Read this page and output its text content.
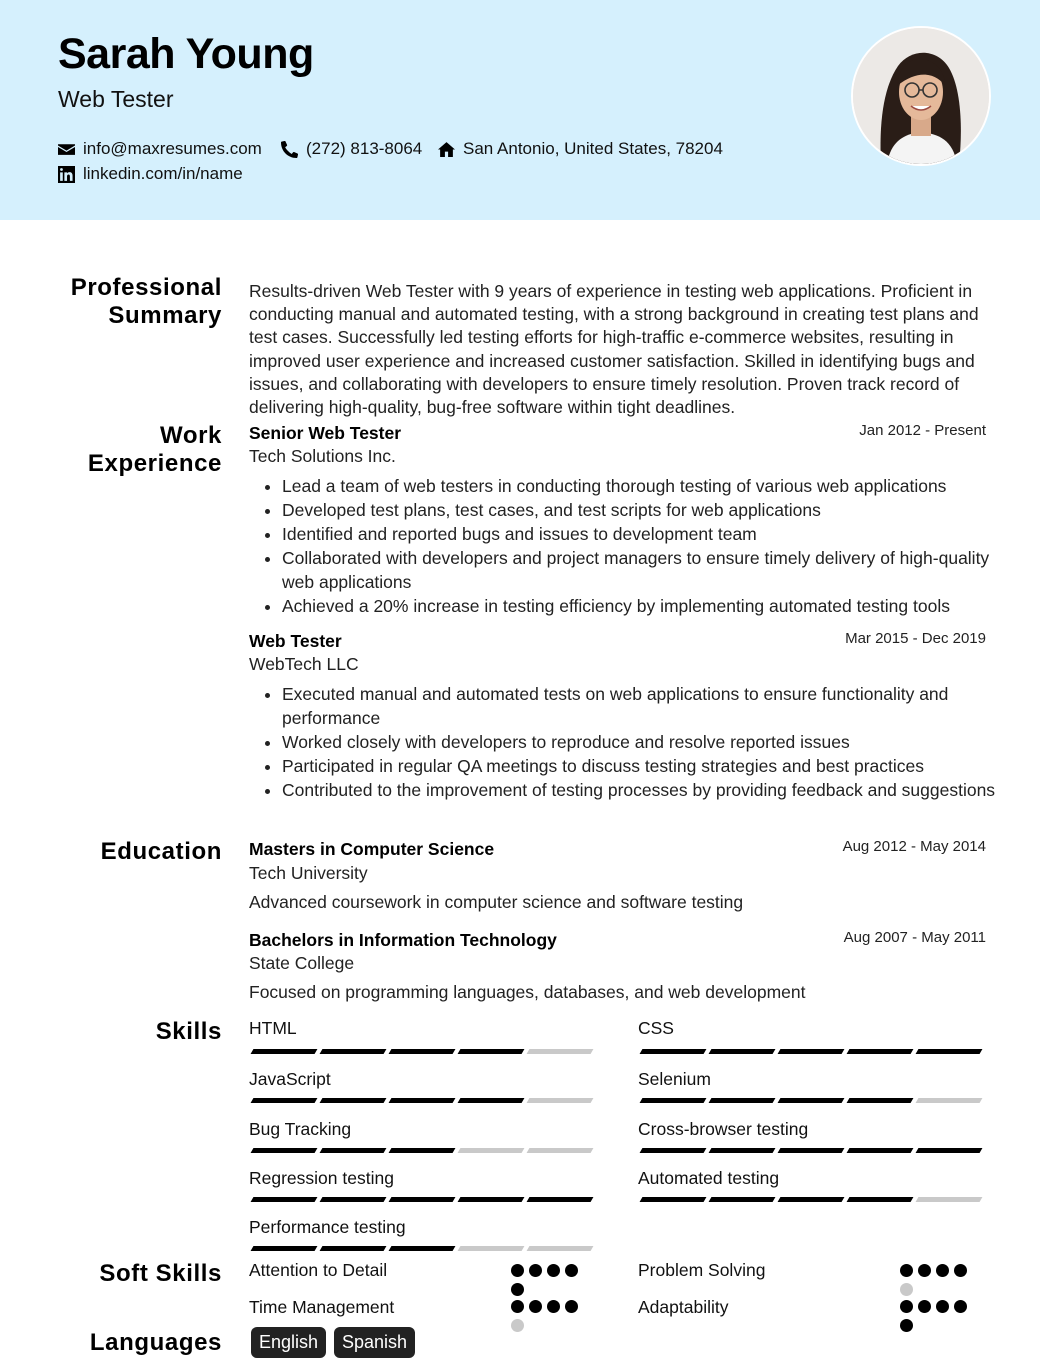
Sarah Young
Web Tester
info@maxresumes.com	(272) 813-8064 San Antonio, United States, 78204
linkedin.com/in/name
Professional Summary
Results-driven Web Tester with 9 years of experience in testing web applications. Proficient in conducting manual and automated testing, with a strong background in creating test plans and test cases. Successfully led testing efforts for high-traffic e-commerce websites, resulting in improved user experience and increased customer satisfaction. Skilled in identifying bugs and issues, and collaborating with developers to ensure timely resolution. Proven track record of delivering high-quality, bug-free software within tight deadlines.
Work Experience
Senior Web Tester	Jan 2012 - Present
Tech Solutions Inc.
• Lead a team of web testers in conducting thorough testing of various web applications
• Developed test plans, test cases, and test scripts for web applications
• Identified and reported bugs and issues to development team
• Collaborated with developers and project managers to ensure timely delivery of high-quality web applications
• Achieved a 20% increase in testing efficiency by implementing automated testing tools
Web Tester	Mar 2015 - Dec 2019
WebTech LLC
• Executed manual and automated tests on web applications to ensure functionality and performance
• Worked closely with developers to reproduce and resolve reported issues
• Participated in regular QA meetings to discuss testing strategies and best practices
• Contributed to the improvement of testing processes by providing feedback and suggestions
Education Masters in Computer Science	Aug 2012 - May 2014
Tech University
Advanced coursework in computer science and software testing
Bachelors in Information Technology	Aug 2007 - May 2011
State College
Focused on programming languages, databases, and web development
Skills HTML	CSS
JavaScript	Selenium
Bug Tracking	Cross-browser testing
Regression testing	Automated testing
Performance testing
Soft Skills Attention to Detail	Problem Solving
Time Management	Adaptability
Languages	English	Spanish
